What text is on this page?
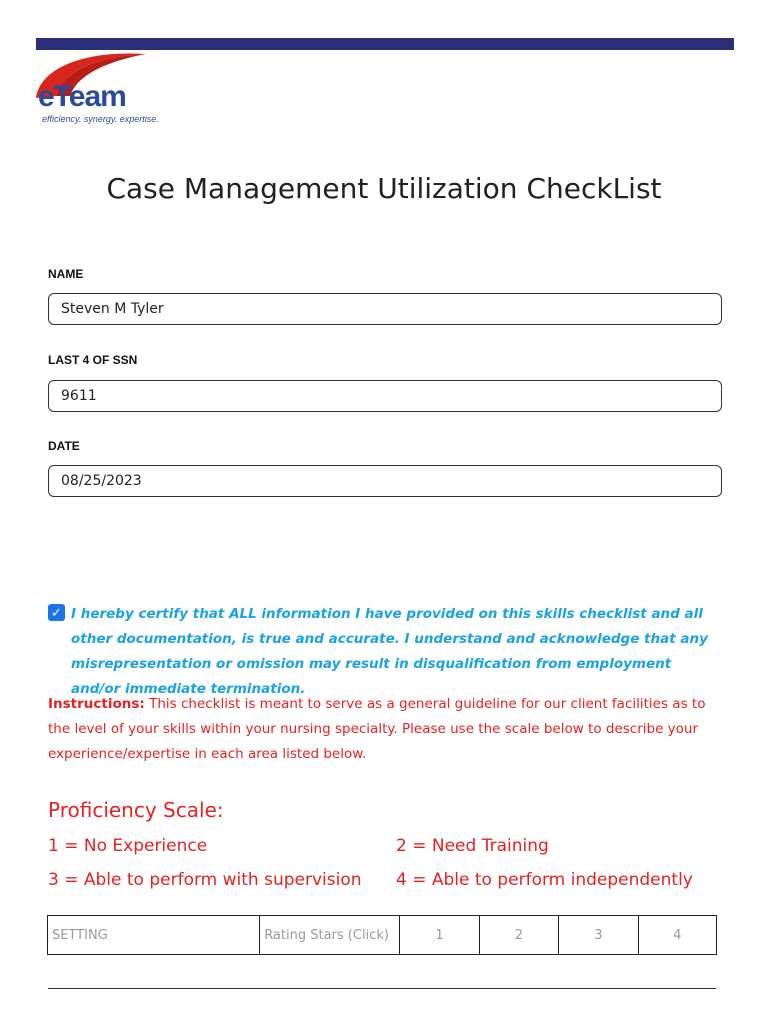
eTeam
efficiency. synergy. expertise.
Case Management Utilization CheckList
NAME
Steven M Tyler
LAST 4 OF SSN
9611
DATE
08/25/2023
✓ I hereby certify that ALL information I have provided on this skills checklist and all other documentation, is true and accurate. I understand and acknowledge that any misrepresentation or omission may result in disqualification from employment and/or immediate termination.
Instructions: This checklist is meant to serve as a general guideline for our client facilities as to the level of your skills within your nursing specialty. Please use the scale below to describe your experience/expertise in each area listed below.
Proficiency Scale:
1 = No Experience	2 = Need Training
3 = Able to perform with supervision 4 = Able to perform independently
SETTING	Rating Stars (Click)	1	2	3	4
